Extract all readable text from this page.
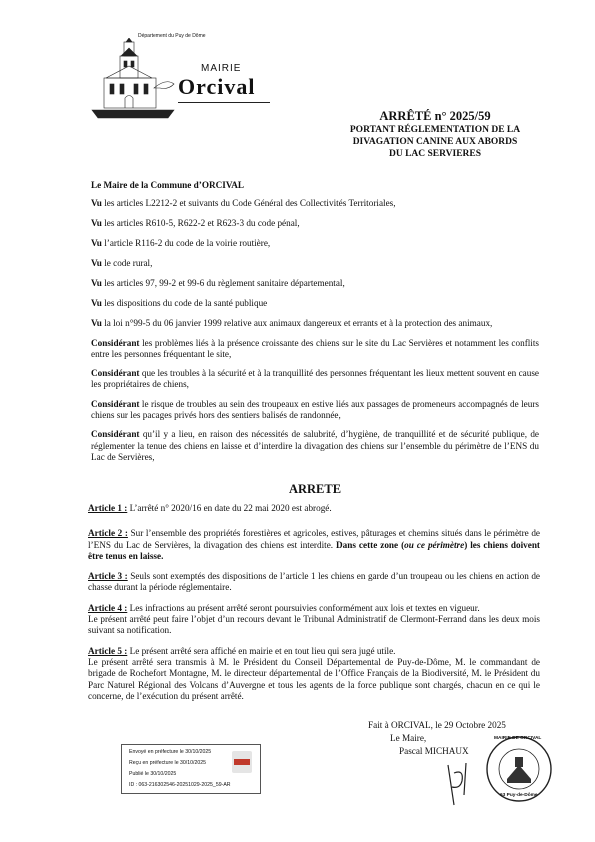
Département du Puy de Dôme
MAIRIE
Orcival
ARRÊTÉ n° 2025/59
PORTANT RÉGLEMENTATION DE LA
DIVAGATION CANINE AUX ABORDS
DU LAC SERVIERES
Le Maire de la Commune d’ORCIVAL
Vu les articles L2212-2 et suivants du Code Général des Collectivités Territoriales,
Vu les articles R610-5, R622-2 et R623-3 du code pénal,
Vu l’article R116-2 du code de la voirie routière,
Vu le code rural,
Vu les articles 97, 99-2 et 99-6 du règlement sanitaire départemental,
Vu les dispositions du code de la santé publique
Vu la loi n°99-5 du 06 janvier 1999 relative aux animaux dangereux et errants et à la protection des animaux,
Considérant les problèmes liés à la présence croissante des chiens sur le site du Lac Servières et notamment les conflits entre les personnes fréquentant le site,
Considérant que les troubles à la sécurité et à la tranquillité des personnes fréquentant les lieux mettent souvent en cause les propriétaires de chiens,
Considérant le risque de troubles au sein des troupeaux en estive liés aux passages de promeneurs accompagnés de leurs chiens sur les pacages privés hors des sentiers balisés de randonnée,
Considérant qu’il y a lieu, en raison des nécessités de salubrité, d’hygiène, de tranquillité et de sécurité publique, de réglementer la tenue des chiens en laisse et d’interdire la divagation des chiens sur l’ensemble du périmètre de l’ENS du Lac de Servières,
ARRETE
Article 1 : L’arrêté n° 2020/16 en date du 22 mai 2020 est abrogé.
Article 2 : Sur l’ensemble des propriétés forestières et agricoles, estives, pâturages et chemins situés dans le périmètre de l’ENS du Lac de Servières, la divagation des chiens est interdite. Dans cette zone (ou ce périmètre) les chiens doivent être tenus en laisse.
Article 3 : Seuls sont exemptés des dispositions de l’article 1 les chiens en garde d’un troupeau ou les chiens en action de chasse durant la période réglementaire.
Article 4 : Les infractions au présent arrêté seront poursuivies conformément aux lois et textes en vigueur.
Le présent arrêté peut faire l’objet d’un recours devant le Tribunal Administratif de Clermont-Ferrand dans les deux mois suivant sa notification.
Article 5 : Le présent arrêté sera affiché en mairie et en tout lieu qui sera jugé utile.
Le présent arrêté sera transmis à M. le Président du Conseil Départemental de Puy-de-Dôme, M. le commandant de brigade de Rochefort Montagne, M. le directeur départemental de l’Office Français de la Biodiversité, M. le Président du Parc Naturel Régional des Volcans d’Auvergne et tous les agents de la force publique sont chargés, chacun en ce qui le concerne, de l’exécution du présent arrêté.
Fait à ORCIVAL, le 29 Octobre 2025
Le Maire,
Pascal MICHAUX
MAIRIE DE ORCIVAL
63 Puy-de-Dôme
Envoyé en préfecture le 30/10/2025
Reçu en préfecture le 30/10/2025
Publié le 30/10/2025
ID : 063-216302546-20251029-2025_59-AR
